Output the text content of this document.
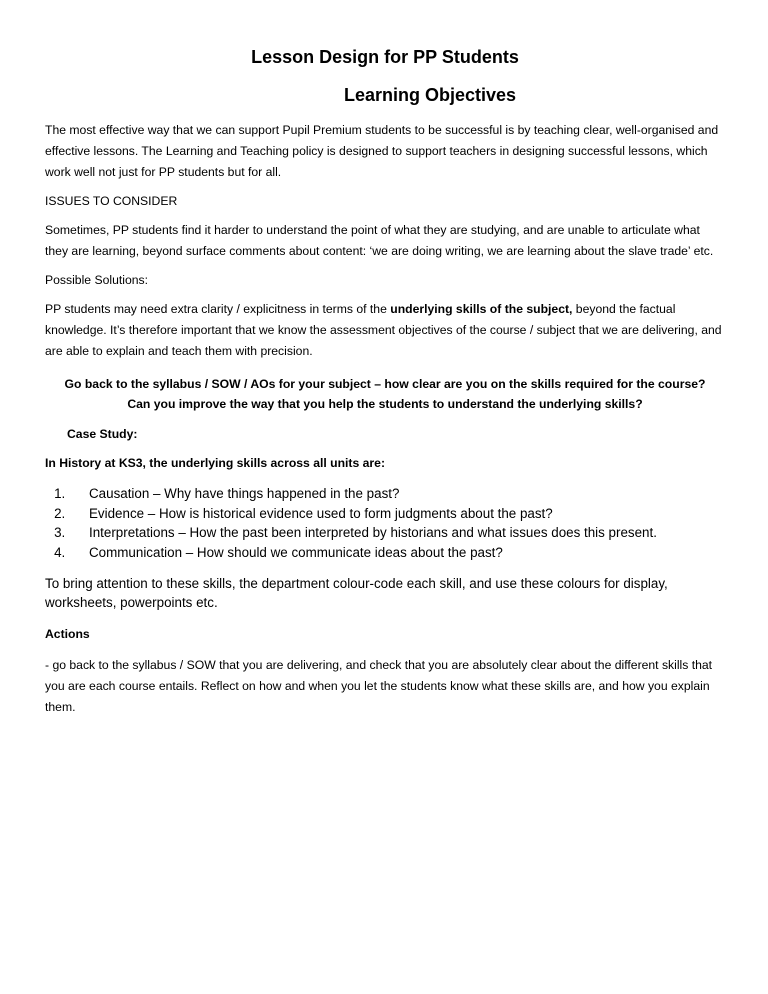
Lesson Design for PP Students
Learning Objectives

The most effective way that we can support Pupil Premium students to be successful is by teaching clear, well-organised and effective lessons. The Learning and Teaching policy is designed to support teachers in designing successful lessons, which work well not just for PP students but for all.

ISSUES TO CONSIDER

Sometimes, PP students find it harder to understand the point of what they are studying, and are unable to articulate what they are learning, beyond surface comments about content: ‘we are doing writing, we are learning about the slave trade’ etc.

Possible Solutions:

PP students may need extra clarity / explicitness in terms of the underlying skills of the subject, beyond the factual knowledge. It’s therefore important that we know the assessment objectives of the course / subject that we are delivering, and are able to explain and teach them with precision.

Go back to the syllabus / SOW / AOs for your subject – how clear are you on the skills required for the course?
Can you improve the way that you help the students to understand the underlying skills?

Case Study:

In History at KS3, the underlying skills across all units are:

1. Causation – Why have things happened in the past?
2. Evidence – How is historical evidence used to form judgments about the past?
3. Interpretations – How the past been interpreted by historians and what issues does this present.
4. Communication – How should we communicate ideas about the past?

To bring attention to these skills, the department colour-code each skill, and use these colours for display, worksheets, powerpoints etc.

Actions

- go back to the syllabus / SOW that you are delivering, and check that you are absolutely clear about the different skills that you are each course entails. Reflect on how and when you let the students know what these skills are, and how you explain them.
